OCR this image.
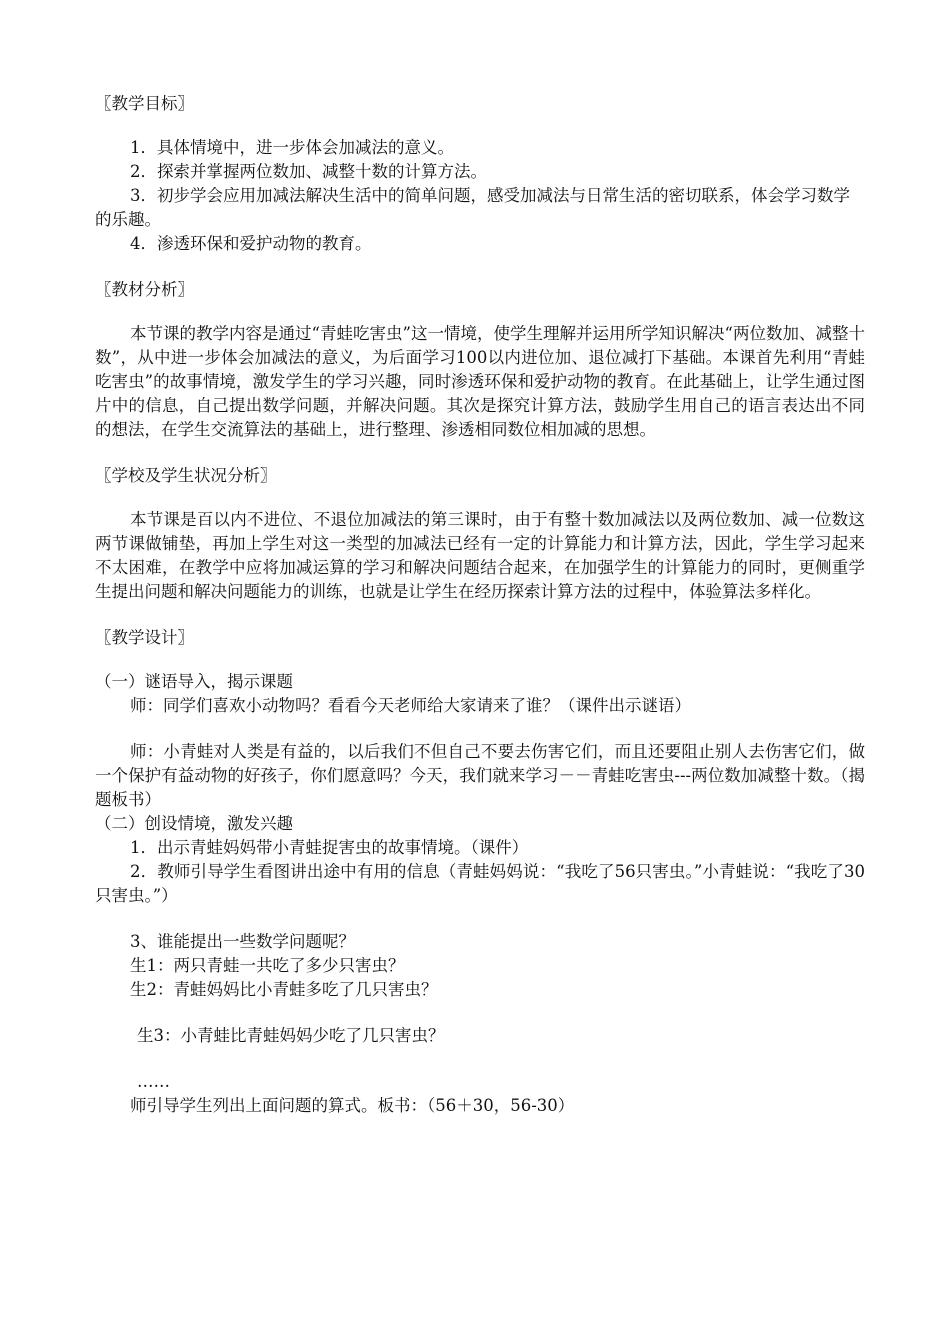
〖教学目标〗

1．具体情境中，进一步体会加减法的意义。

2．探索并掌握两位数加、减整十数的计算方法。

3．初步学会应用加减法解决生活中的简单问题，感受加减法与日常生活的密切联系，体会学习数学的乐趣。

4．渗透环保和爱护动物的教育。

〖教材分析〗

本节课的教学内容是通过“青蛙吃害虫”这一情境，使学生理解并运用所学知识解决“两位数加、减整十数”，从中进一步体会加减法的意义，为后面学习100以内进位加、退位减打下基础。本课首先利用“青蛙吃害虫”的故事情境，激发学生的学习兴趣，同时渗透环保和爱护动物的教育。在此基础上，让学生通过图片中的信息，自己提出数学问题，并解决问题。其次是探究计算方法，鼓励学生用自己的语言表达出不同的想法，在学生交流算法的基础上，进行整理、渗透相同数位相加减的思想。

〖学校及学生状况分析〗

本节课是百以内不进位、不退位加减法的第三课时，由于有整十数加减法以及两位数加、减一位数这两节课做铺垫，再加上学生对这一类型的加减法已经有一定的计算能力和计算方法，因此，学生学习起来不太困难，在教学中应将加减运算的学习和解决问题结合起来，在加强学生的计算能力的同时，更侧重学生提出问题和解决问题能力的训练，也就是让学生在经历探索计算方法的过程中，体验算法多样化。

〖教学设计〗

（一）谜语导入，揭示课题

师：同学们喜欢小动物吗？看看今天老师给大家请来了谁？（课件出示谜语）

师：小青蛙对人类是有益的，以后我们不但自己不要去伤害它们，而且还要阻止别人去伤害它们，做一个保护有益动物的好孩子，你们愿意吗？今天，我们就来学习－－青蛙吃害虫---两位数加减整十数。（揭题板书）

（二）创设情境，激发兴趣

1．出示青蛙妈妈带小青蛙捉害虫的故事情境。（课件）

2．教师引导学生看图讲出途中有用的信息（青蛙妈妈说：“我吃了56只害虫。”小青蛙说：“我吃了30只害虫。”）

3、谁能提出一些数学问题呢？

生1：两只青蛙一共吃了多少只害虫？

生2：青蛙妈妈比小青蛙多吃了几只害虫？

生3：小青蛙比青蛙妈妈少吃了几只害虫？

……

师引导学生列出上面问题的算式。板书：（56＋30，56-30）
